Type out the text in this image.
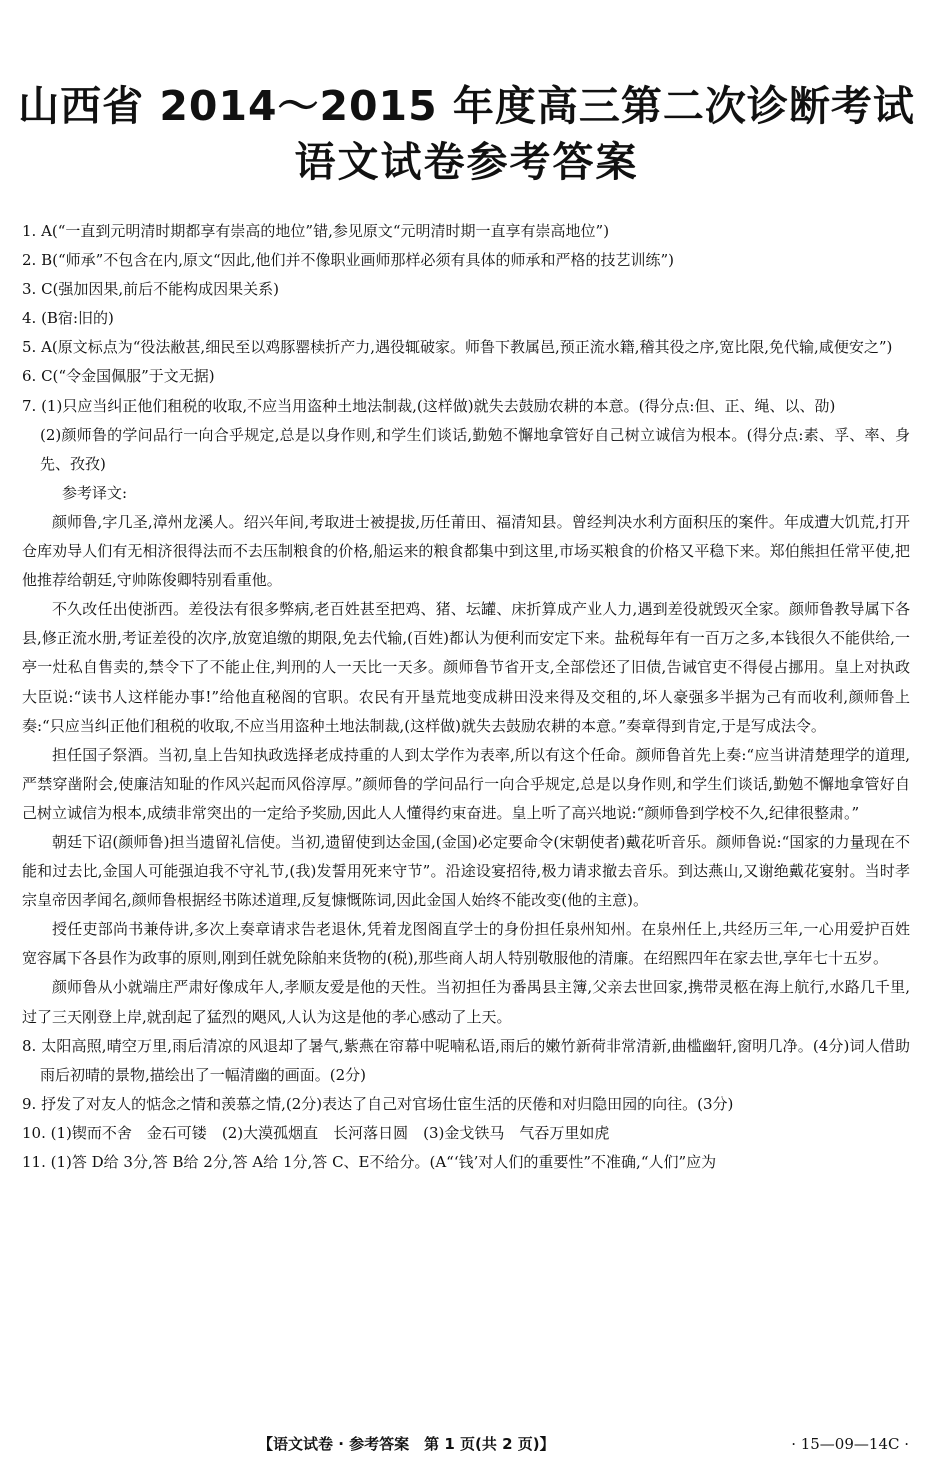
山西省 2014～2015 年度高三第二次诊断考试
语文试卷参考答案

1. A(“一直到元明清时期都享有崇高的地位”错,参见原文“元明清时期一直享有崇高地位”)

2. B(“师承”不包含在内,原文“因此,他们并不像职业画师那样必须有具体的师承和严格的技艺训练”)

3. C(强加因果,前后不能构成因果关系)

4. (B宿:旧的)

5. A(原文标点为“役法敝甚,细民至以鸡豚罂椟折产力,遇役辄破家。师鲁下教属邑,预正流水籍,稽其役之序,宽比限,免代输,咸便安之”)

6. C(“令金国佩服”于文无据)

7. (1)只应当纠正他们租税的收取,不应当用盗种土地法制裁,(这样做)就失去鼓励农耕的本意。(得分点:但、正、绳、以、劭)

(2)颜师鲁的学问品行一向合乎规定,总是以身作则,和学生们谈话,勤勉不懈地拿管好自己树立诚信为根本。(得分点:素、孚、率、身先、孜孜)

参考译文:

颜师鲁,字几圣,漳州龙溪人。绍兴年间,考取进士被提拔,历任莆田、福清知县。曾经判决水利方面积压的案件。年成遭大饥荒,打开仓库劝导人们有无相济很得法而不去压制粮食的价格,船运来的粮食都集中到这里,市场买粮食的价格又平稳下来。郑伯熊担任常平使,把他推荐给朝廷,守帅陈俊卿特别看重他。

不久改任出使浙西。差役法有很多弊病,老百姓甚至把鸡、猪、坛罐、床折算成产业人力,遇到差役就毁灭全家。颜师鲁教导属下各县,修正流水册,考证差役的次序,放宽追缴的期限,免去代输,(百姓)都认为便利而安定下来。盐税每年有一百万之多,本钱很久不能供给,一亭一灶私自售卖的,禁令下了不能止住,判刑的人一天比一天多。颜师鲁节省开支,全部偿还了旧债,告诫官吏不得侵占挪用。皇上对执政大臣说:“读书人这样能办事!”给他直秘阁的官职。农民有开垦荒地变成耕田没来得及交租的,坏人豪强多半据为己有而收利,颜师鲁上奏:“只应当纠正他们租税的收取,不应当用盗种土地法制裁,(这样做)就失去鼓励农耕的本意。”奏章得到肯定,于是写成法令。

担任国子祭酒。当初,皇上告知执政选择老成持重的人到太学作为表率,所以有这个任命。颜师鲁首先上奏:“应当讲清楚理学的道理,严禁穿凿附会,使廉洁知耻的作风兴起而风俗淳厚。”颜师鲁的学问品行一向合乎规定,总是以身作则,和学生们谈话,勤勉不懈地拿管好自己树立诚信为根本,成绩非常突出的一定给予奖励,因此人人懂得约束奋进。皇上听了高兴地说:“颜师鲁到学校不久,纪律很整肃。”

朝廷下诏(颜师鲁)担当遗留礼信使。当初,遗留使到达金国,(金国)必定要命令(宋朝使者)戴花听音乐。颜师鲁说:“国家的力量现在不能和过去比,金国人可能强迫我不守礼节,(我)发誓用死来守节”。沿途设宴招待,极力请求撤去音乐。到达燕山,又谢绝戴花宴射。当时孝宗皇帝因孝闻名,颜师鲁根据经书陈述道理,反复慷慨陈词,因此金国人始终不能改变(他的主意)。

授任吏部尚书兼侍讲,多次上奏章请求告老退休,凭着龙图阁直学士的身份担任泉州知州。在泉州任上,共经历三年,一心用爱护百姓宽容属下各县作为政事的原则,刚到任就免除舶来货物的(税),那些商人胡人特别敬服他的清廉。在绍熙四年在家去世,享年七十五岁。

颜师鲁从小就端庄严肃好像成年人,孝顺友爱是他的天性。当初担任为番禺县主簿,父亲去世回家,携带灵柩在海上航行,水路几千里,过了三天刚登上岸,就刮起了猛烈的飓风,人认为这是他的孝心感动了上天。

8. 太阳高照,晴空万里,雨后清凉的风退却了暑气,紫燕在帘幕中呢喃私语,雨后的嫩竹新荷非常清新,曲槛幽轩,窗明几净。(4分)词人借助雨后初晴的景物,描绘出了一幅清幽的画面。(2分)

9. 抒发了对友人的惦念之情和羡慕之情,(2分)表达了自己对官场仕宦生活的厌倦和对归隐田园的向往。(3分)

10. (1)锲而不舍　金石可镂　(2)大漠孤烟直　长河落日圆　(3)金戈铁马　气吞万里如虎

11. (1)答 D给 3分,答 B给 2分,答 A给 1分,答 C、E不给分。(A“‘钱’对人们的重要性”不准确,“人们”应为

【语文试卷 · 参考答案　第 1 页(共 2 页)】	· 15—09—14C ·
